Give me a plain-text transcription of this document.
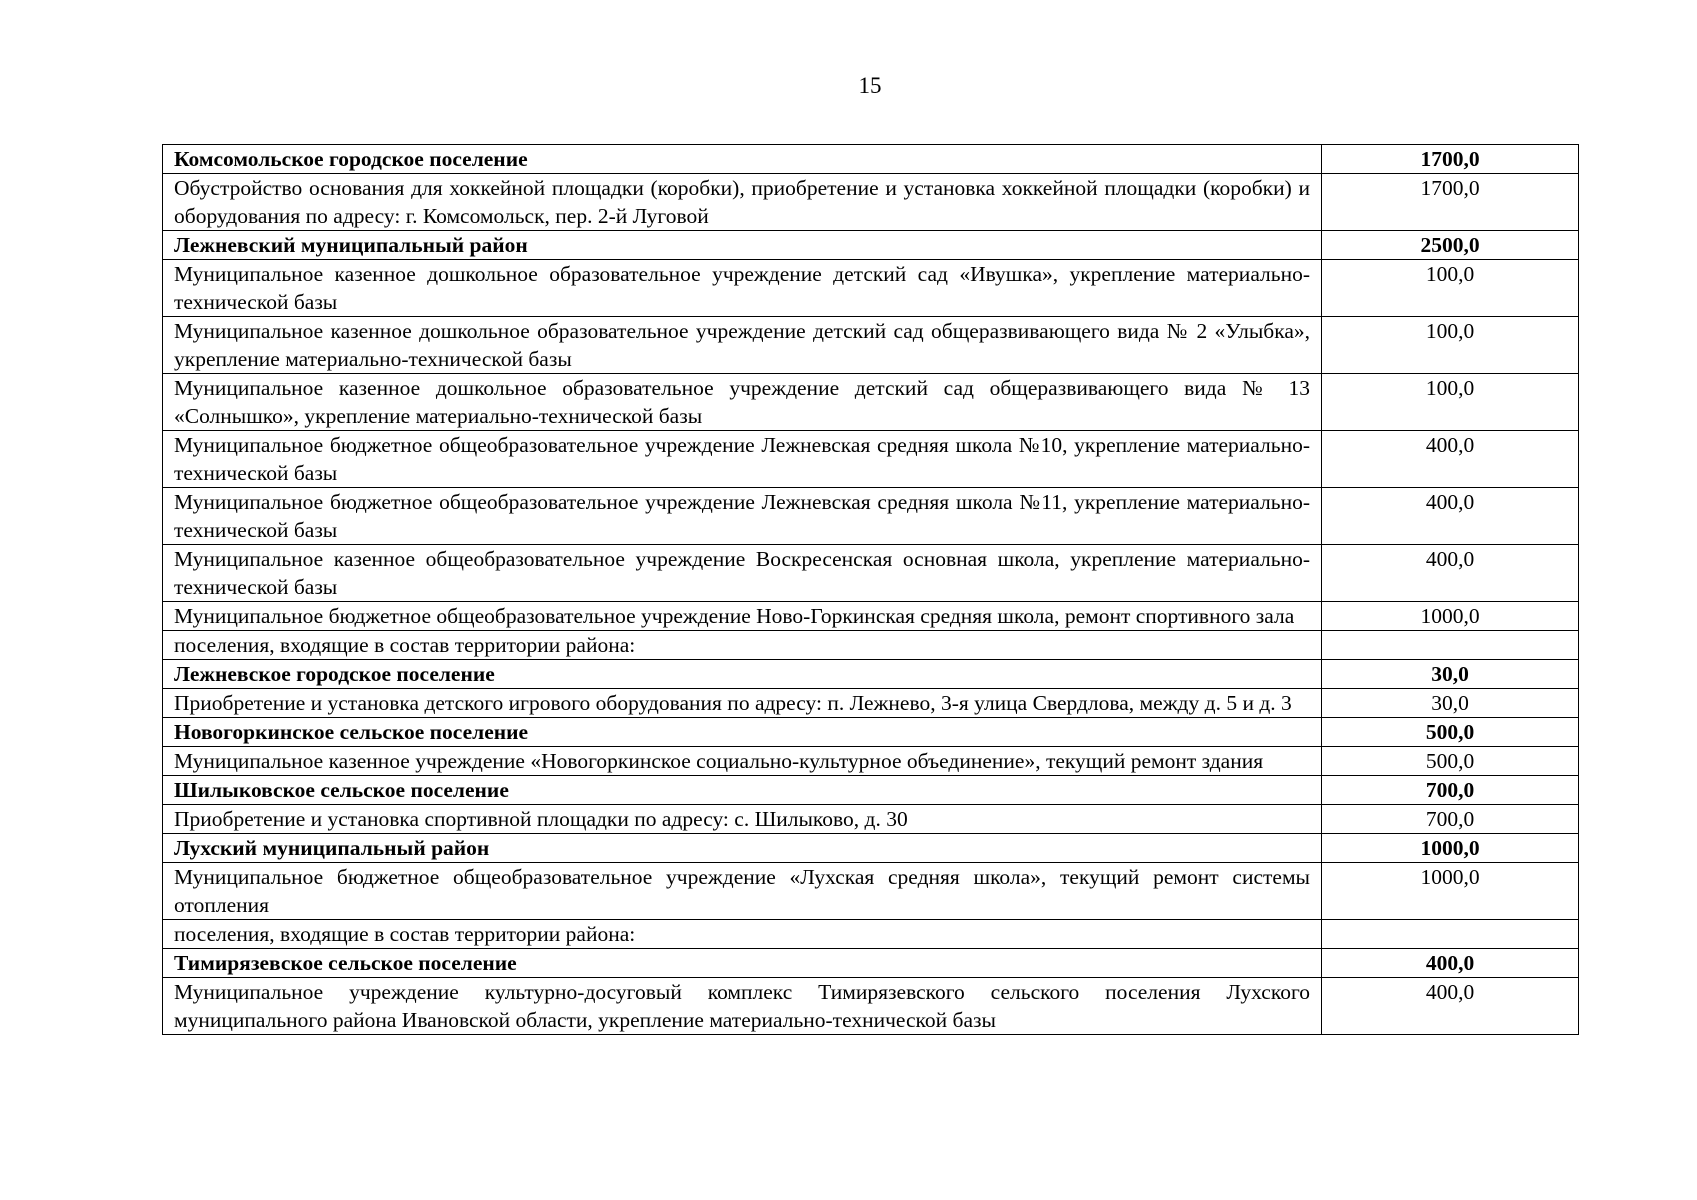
15
Комсомольское городское поселение	1700,0
Обустройство основания для хоккейной площадки (коробки), приобретение и установка хоккейной площадки (коробки) и оборудования по адресу: г. Комсомольск, пер. 2-й Луговой	1700,0
Лежневский муниципальный район	2500,0
Муниципальное казенное дошкольное образовательное учреждение детский сад «Ивушка», укрепление материально-технической базы	100,0
Муниципальное казенное дошкольное образовательное учреждение детский сад общеразвивающего вида № 2 «Улыбка», укрепление материально-технической базы	100,0
Муниципальное казенное дошкольное образовательное учреждение детский сад общеразвивающего вида № 13 «Солнышко», укрепление материально-технической базы	100,0
Муниципальное бюджетное общеобразовательное учреждение Лежневская средняя школа №10, укрепление материально-технической базы	400,0
Муниципальное бюджетное общеобразовательное учреждение Лежневская средняя школа №11, укрепление материально-технической базы	400,0
Муниципальное казенное общеобразовательное учреждение Воскресенская основная школа, укрепление материально-технической базы	400,0
Муниципальное бюджетное общеобразовательное учреждение Ново-Горкинская средняя школа, ремонт спортивного зала	1000,0
поселения, входящие в состав территории района:	
Лежневское городское поселение	30,0
Приобретение и установка детского игрового оборудования по адресу: п. Лежнево, 3-я улица Свердлова, между д. 5 и д. 3	30,0
Новогоркинское сельское поселение	500,0
Муниципальное казенное учреждение «Новогоркинское социально-культурное объединение», текущий ремонт здания	500,0
Шилыковское сельское поселение	700,0
Приобретение и установка спортивной площадки по адресу: с. Шилыково, д. 30	700,0
Лухский муниципальный район	1000,0
Муниципальное бюджетное общеобразовательное учреждение «Лухская средняя школа», текущий ремонт системы отопления	1000,0
поселения, входящие в состав территории района:	
Тимирязевское сельское поселение	400,0
Муниципальное учреждение культурно-досуговый комплекс Тимирязевского сельского поселения Лухского муниципального района Ивановской области, укрепление материально-технической базы	400,0
